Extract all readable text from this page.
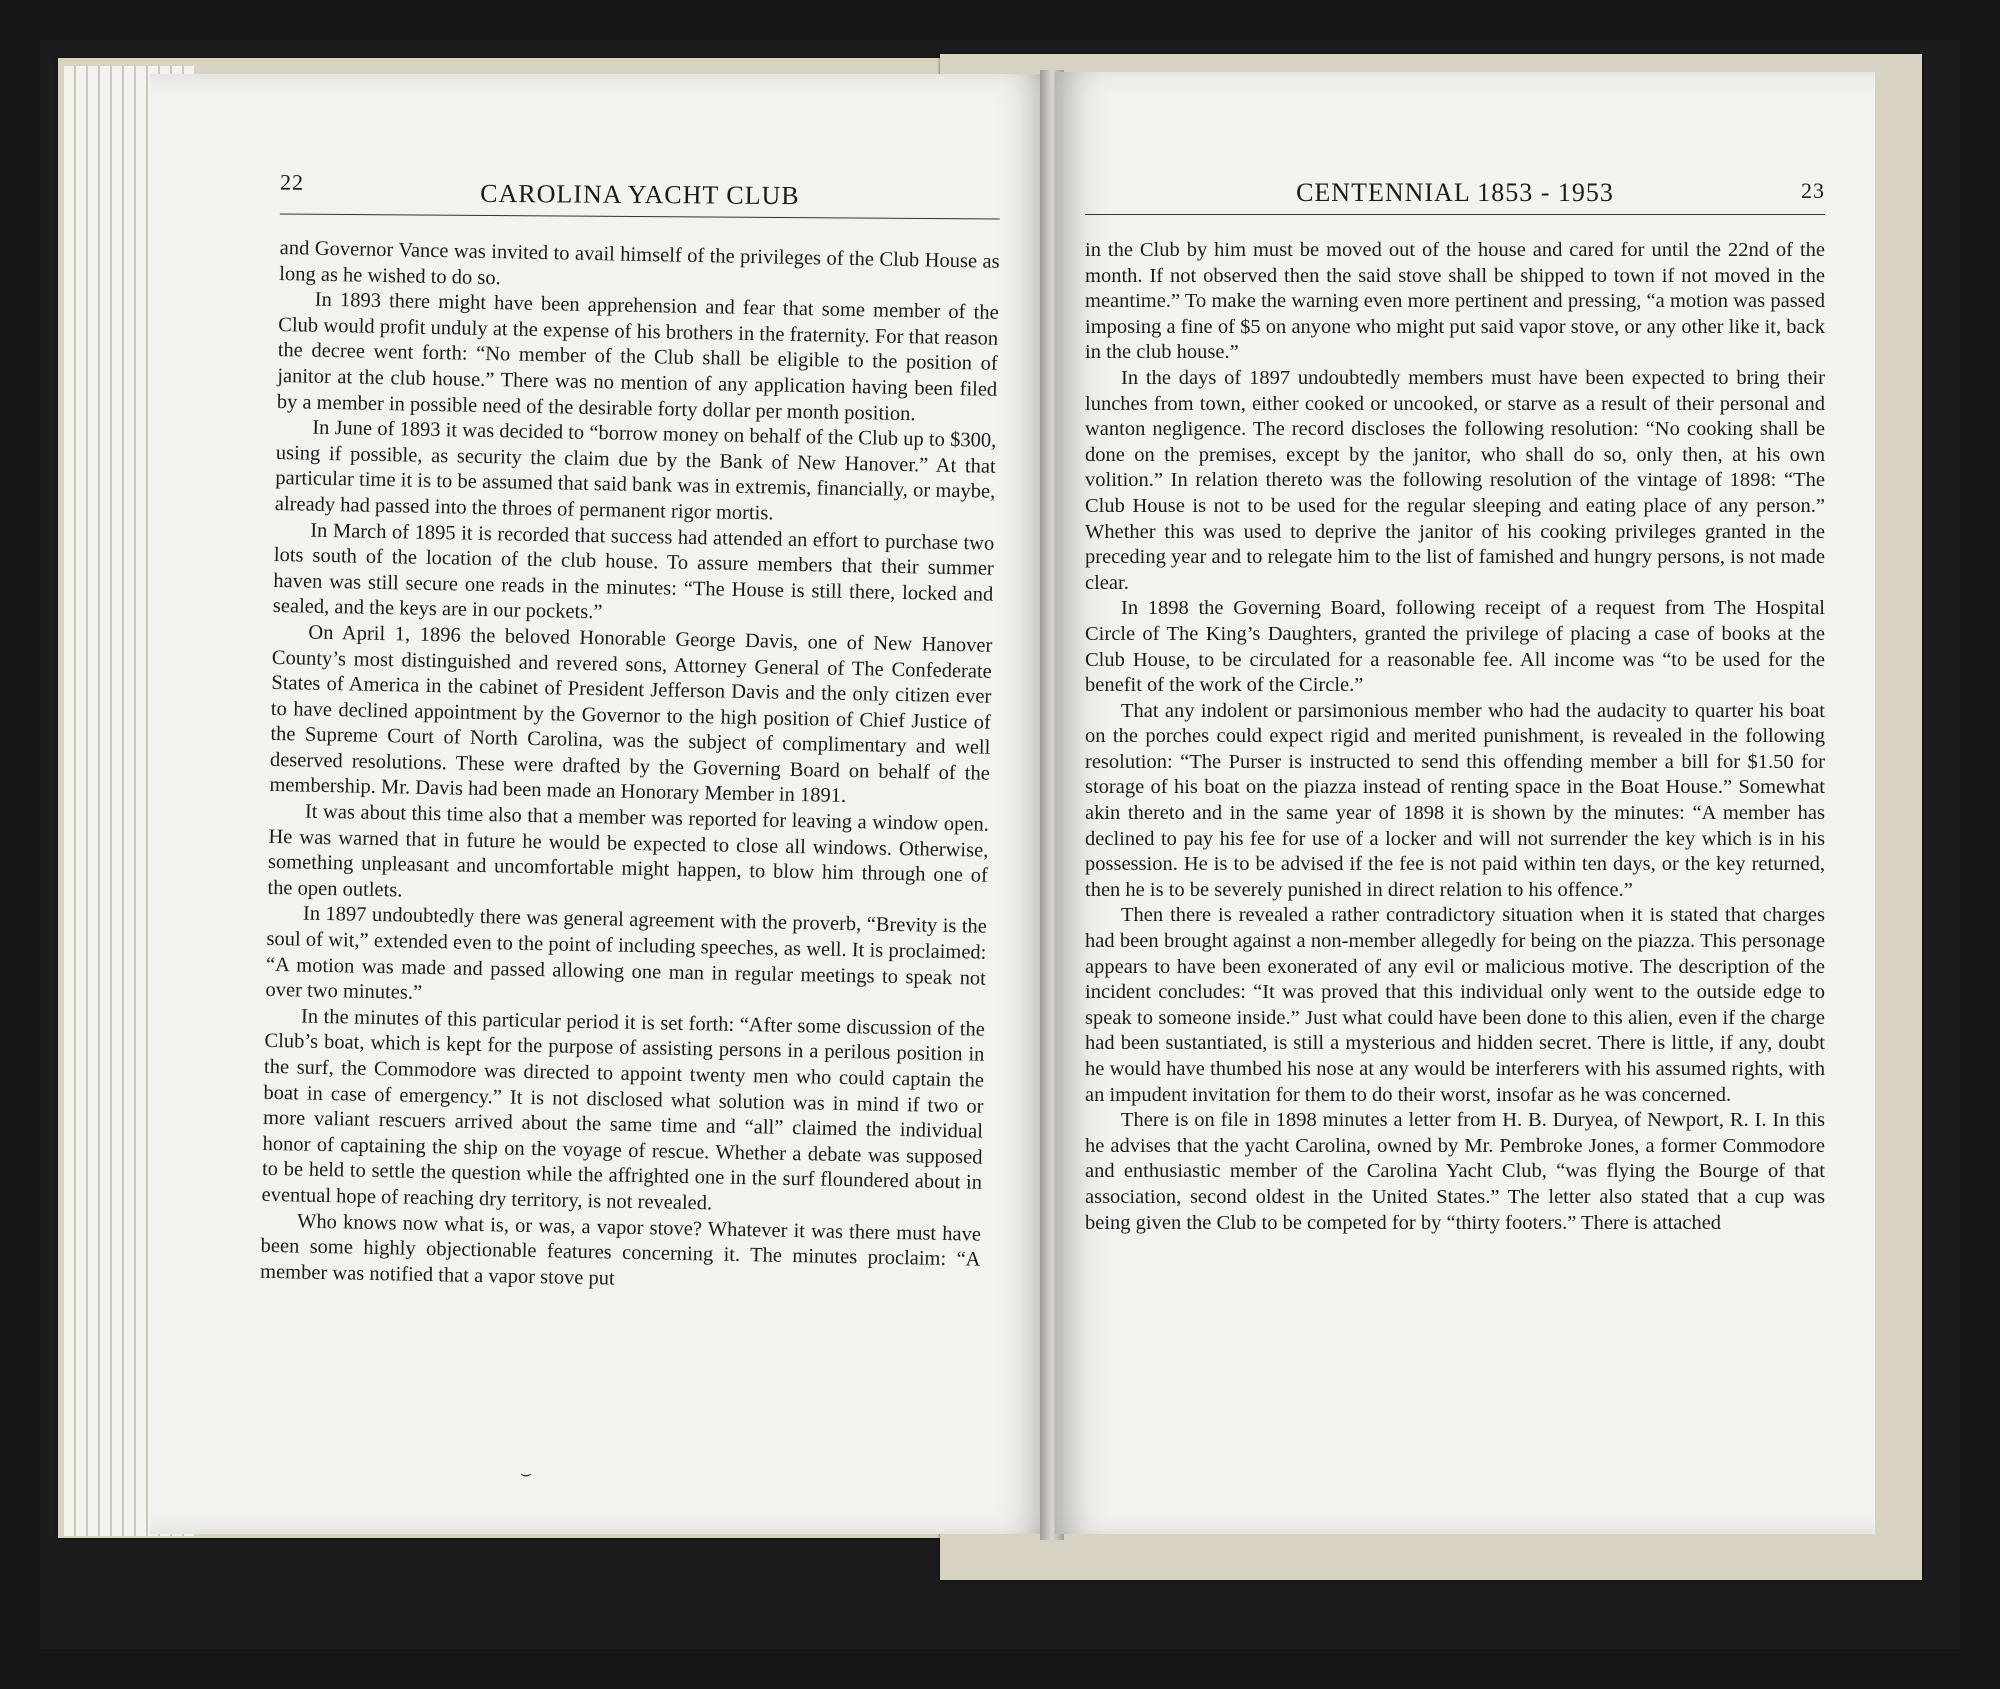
22	CAROLINA YACHT CLUB

and Governor Vance was invited to avail himself of the privileges of the Club House as long as he wished to do so.

In 1893 there might have been apprehension and fear that some member of the Club would profit unduly at the expense of his brothers in the fraternity. For that reason the decree went forth: “No member of the Club shall be eligible to the position of janitor at the club house.” There was no mention of any application having been filed by a member in possible need of the desirable forty dollar per month position.

In June of 1893 it was decided to “borrow money on behalf of the Club up to $300, using if possible, as security the claim due by the Bank of New Hanover.” At that particular time it is to be assumed that said bank was in extremis, financially, or maybe, already had passed into the throes of permanent rigor mortis.

In March of 1895 it is recorded that success had attended an effort to purchase two lots south of the location of the club house. To assure members that their summer haven was still secure one reads in the minutes: “The House is still there, locked and sealed, and the keys are in our pockets.”

On April 1, 1896 the beloved Honorable George Davis, one of New Hanover County’s most distinguished and revered sons, Attorney General of The Confederate States of America in the cabinet of President Jefferson Davis and the only citizen ever to have declined appointment by the Governor to the high position of Chief Justice of the Supreme Court of North Carolina, was the subject of complimentary and well deserved resolutions. These were drafted by the Governing Board on behalf of the membership. Mr. Davis had been made an Honorary Member in 1891.

It was about this time also that a member was reported for leaving a window open. He was warned that in future he would be expected to close all windows. Otherwise, something unpleasant and uncomfortable might happen, to blow him through one of the open outlets.

In 1897 undoubtedly there was general agreement with the proverb, “Brevity is the soul of wit,” extended even to the point of including speeches, as well. It is proclaimed: “A motion was made and passed allowing one man in regular meetings to speak not over two minutes.”

In the minutes of this particular period it is set forth: “After some discussion of the Club’s boat, which is kept for the purpose of assisting persons in a perilous position in the surf, the Commodore was directed to appoint twenty men who could captain the boat in case of emergency.” It is not disclosed what solution was in mind if two or more valiant rescuers arrived about the same time and “all” claimed the individual honor of captaining the ship on the voyage of rescue. Whether a debate was supposed to be held to settle the question while the affrighted one in the surf floundered about in eventual hope of reaching dry territory, is not revealed.

Who knows now what is, or was, a vapor stove? Whatever it was there must have been some highly objectionable features concerning it. The minutes proclaim: “A member was notified that a vapor stove put

⌣
CENTENNIAL 1853 - 1953	23

in the Club by him must be moved out of the house and cared for until the 22nd of the month. If not observed then the said stove shall be shipped to town if not moved in the meantime.” To make the warning even more pertinent and pressing, “a motion was passed imposing a fine of $5 on anyone who might put said vapor stove, or any other like it, back in the club house.”

In the days of 1897 undoubtedly members must have been expected to bring their lunches from town, either cooked or uncooked, or starve as a result of their personal and wanton negligence. The record discloses the following resolution: “No cooking shall be done on the premises, except by the janitor, who shall do so, only then, at his own volition.” In relation thereto was the following resolution of the vintage of 1898: “The Club House is not to be used for the regular sleeping and eating place of any person.” Whether this was used to deprive the janitor of his cooking privileges granted in the preceding year and to relegate him to the list of famished and hungry persons, is not made clear.

In 1898 the Governing Board, following receipt of a request from The Hospital Circle of The King’s Daughters, granted the privilege of placing a case of books at the Club House, to be circulated for a reasonable fee. All income was “to be used for the benefit of the work of the Circle.”

That any indolent or parsimonious member who had the audacity to quarter his boat on the porches could expect rigid and merited punishment, is revealed in the following resolution: “The Purser is instructed to send this offending member a bill for $1.50 for storage of his boat on the piazza instead of renting space in the Boat House.” Somewhat akin thereto and in the same year of 1898 it is shown by the minutes: “A member has declined to pay his fee for use of a locker and will not surrender the key which is in his possession. He is to be advised if the fee is not paid within ten days, or the key returned, then he is to be severely punished in direct relation to his offence.”

Then there is revealed a rather contradictory situation when it is stated that charges had been brought against a non-member allegedly for being on the piazza. This personage appears to have been exonerated of any evil or malicious motive. The description of the incident concludes: “It was proved that this individual only went to the outside edge to speak to someone inside.” Just what could have been done to this alien, even if the charge had been sustantiated, is still a mysterious and hidden secret. There is little, if any, doubt he would have thumbed his nose at any would be interferers with his assumed rights, with an impudent invitation for them to do their worst, insofar as he was concerned.

There is on file in 1898 minutes a letter from H. B. Duryea, of Newport, R. I. In this he advises that the yacht Carolina, owned by Mr. Pembroke Jones, a former Commodore and enthusiastic member of the Carolina Yacht Club, “was flying the Bourge of that association, second oldest in the United States.” The letter also stated that a cup was being given the Club to be competed for by “thirty footers.” There is attached
